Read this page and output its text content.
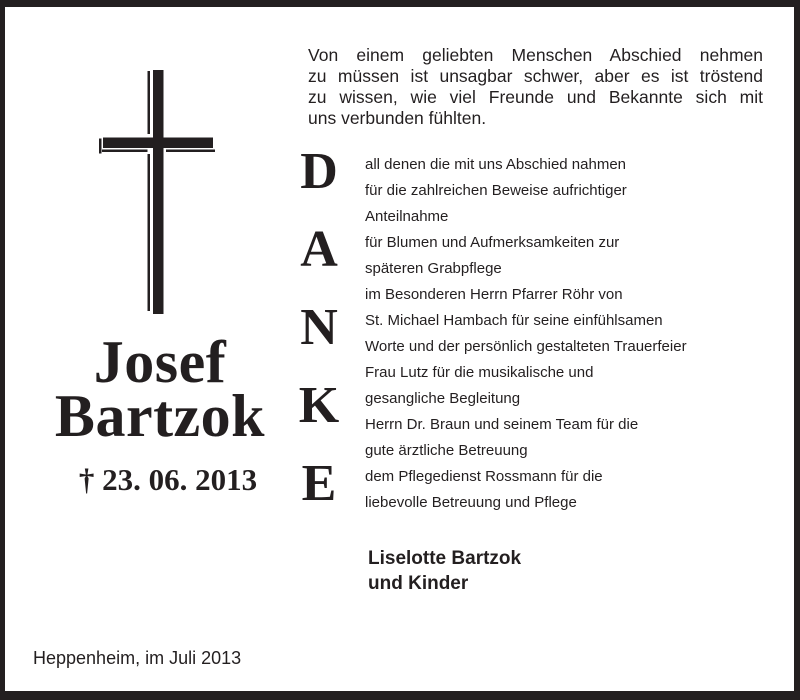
Josef
Bartzok
† 23. 06. 2013
Von einem geliebten Menschen Abschied nehmen
zu müssen ist unsagbar schwer, aber es ist tröstend
zu wissen, wie viel Freunde und Bekannte sich mit
uns verbunden fühlten.
D	all denen die mit uns Abschied nahmen
für die zahlreichen Beweise aufrichtiger
Anteilnahme
A	für Blumen und Aufmerksamkeiten zur
späteren Grabpflege
im Besonderen Herrn Pfarrer Röhr von
N	St. Michael Hambach für seine einfühlsamen
Worte und der persönlich gestalteten Trauerfeier
Frau Lutz für die musikalische und
K	gesangliche Begleitung
Herrn Dr. Braun und seinem Team für die
gute ärztliche Betreuung
E	dem Pflegedienst Rossmann für die
liebevolle Betreuung und Pflege
Liselotte Bartzok
und Kinder
Heppenheim, im Juli 2013
